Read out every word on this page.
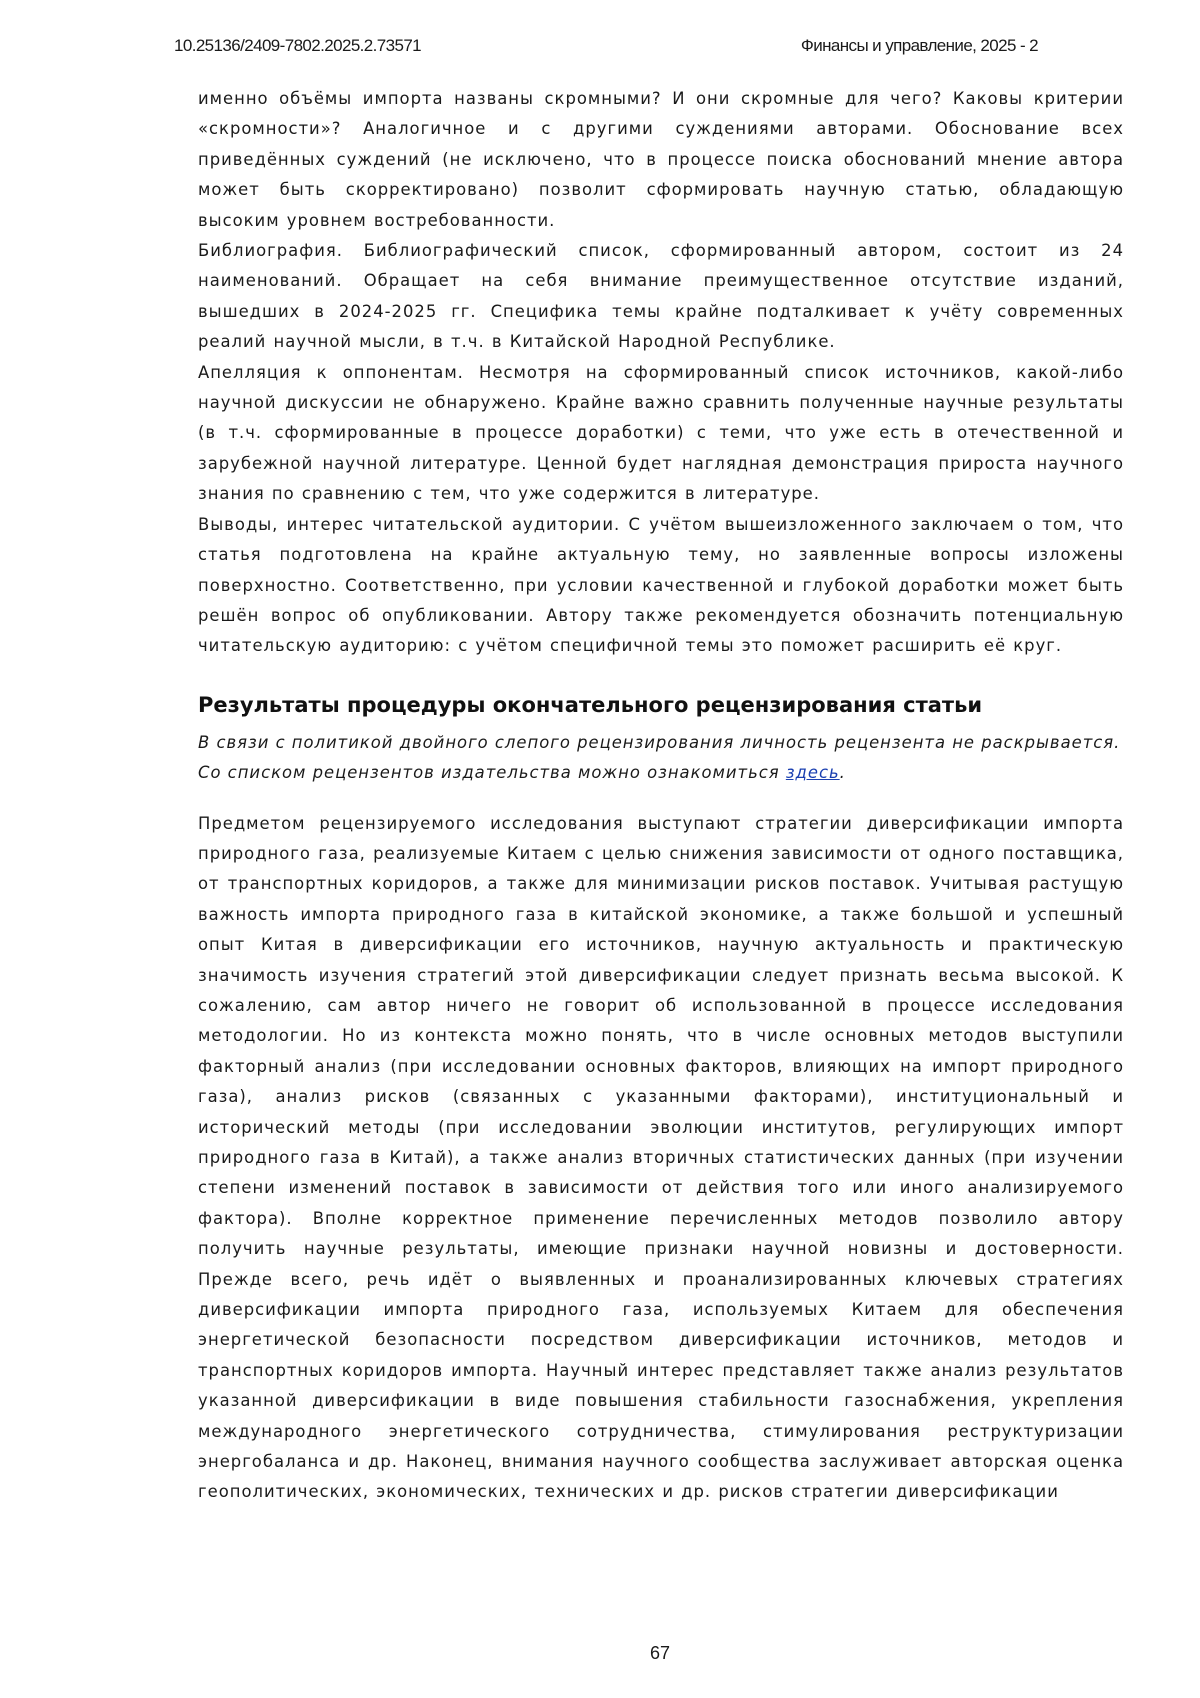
10.25136/2409-7802.2025.2.73571	Финансы и управление, 2025 - 2

именно объёмы импорта названы скромными? И они скромные для чего? Каковы критерии «скромности»? Аналогичное и с другими суждениями авторами. Обоснование всех приведённых суждений (не исключено, что в процессе поиска обоснований мнение автора может быть скорректировано) позволит сформировать научную статью, обладающую высоким уровнем востребованности.

Библиография. Библиографический список, сформированный автором, состоит из 24 наименований. Обращает на себя внимание преимущественное отсутствие изданий, вышедших в 2024-2025 гг. Специфика темы крайне подталкивает к учёту современных реалий научной мысли, в т.ч. в Китайской Народной Республике.

Апелляция к оппонентам. Несмотря на сформированный список источников, какой-либо научной дискуссии не обнаружено. Крайне важно сравнить полученные научные результаты (в т.ч. сформированные в процессе доработки) с теми, что уже есть в отечественной и зарубежной научной литературе. Ценной будет наглядная демонстрация прироста научного знания по сравнению с тем, что уже содержится в литературе.

Выводы, интерес читательской аудитории. С учётом вышеизложенного заключаем о том, что статья подготовлена на крайне актуальную тему, но заявленные вопросы изложены поверхностно. Соответственно, при условии качественной и глубокой доработки может быть решён вопрос об опубликовании. Автору также рекомендуется обозначить потенциальную читательскую аудиторию: с учётом специфичной темы это поможет расширить её круг.

Результаты процедуры окончательного рецензирования статьи

В связи с политикой двойного слепого рецензирования личность рецензента не раскрывается.

Со списком рецензентов издательства можно ознакомиться здесь.

Предметом рецензируемого исследования выступают стратегии диверсификации импорта природного газа, реализуемые Китаем с целью снижения зависимости от одного поставщика, от транспортных коридоров, а также для минимизации рисков поставок. Учитывая растущую важность импорта природного газа в китайской экономике, а также большой и успешный опыт Китая в диверсификации его источников, научную актуальность и практическую значимость изучения стратегий этой диверсификации следует признать весьма высокой. К сожалению, сам автор ничего не говорит об использованной в процессе исследования методологии. Но из контекста можно понять, что в числе основных методов выступили факторный анализ (при исследовании основных факторов, влияющих на импорт природного газа), анализ рисков (связанных с указанными факторами), институциональный и исторический методы (при исследовании эволюции институтов, регулирующих импорт природного газа в Китай), а также анализ вторичных статистических данных (при изучении степени изменений поставок в зависимости от действия того или иного анализируемого фактора). Вполне корректное применение перечисленных методов позволило автору получить научные результаты, имеющие признаки научной новизны и достоверности. Прежде всего, речь идёт о выявленных и проанализированных ключевых стратегиях диверсификации импорта природного газа, используемых Китаем для обеспечения энергетической безопасности посредством диверсификации источников, методов и транспортных коридоров импорта. Научный интерес представляет также анализ результатов указанной диверсификации в виде повышения стабильности газоснабжения, укрепления международного энергетического сотрудничества, стимулирования реструктуризации энергобаланса и др. Наконец, внимания научного сообщества заслуживает авторская оценка геополитических, экономических, технических и др. рисков стратегии диверсификации

67
